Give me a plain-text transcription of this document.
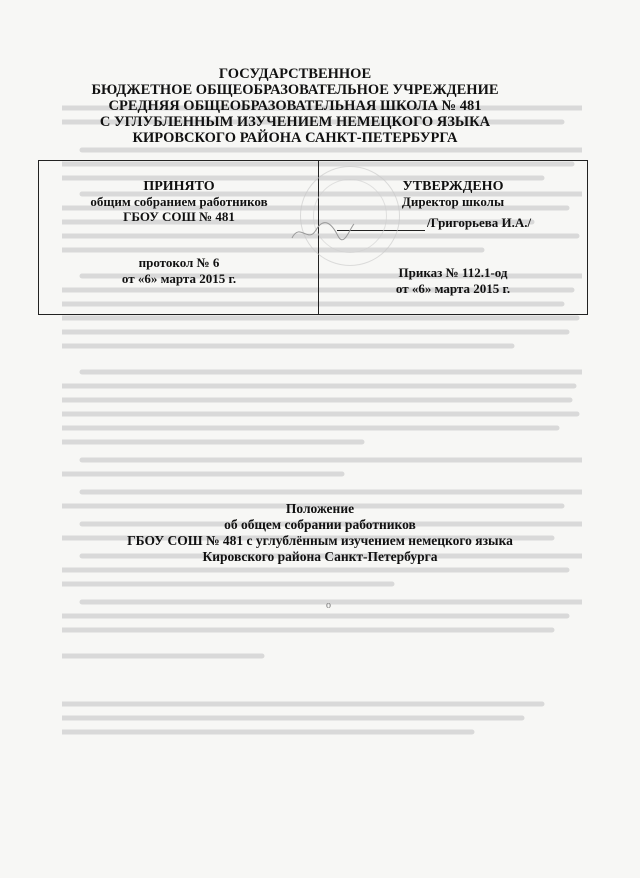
ГОСУДАРСТВЕННОЕ
БЮДЖЕТНОЕ ОБЩЕОБРАЗОВАТЕЛЬНОЕ УЧРЕЖДЕНИЕ
СРЕДНЯЯ ОБЩЕОБРАЗОВАТЕЛЬНАЯ ШКОЛА № 481
С УГЛУБЛЕННЫМ ИЗУЧЕНИЕМ НЕМЕЦКОГО ЯЗЫКА
КИРОВСКОГО РАЙОНА САНКТ-ПЕТЕРБУРГА
ПРИНЯТО
общим собранием работников
ГБОУ СОШ № 481
протокол № 6
от «6» марта 2015 г.
УТВЕРЖДЕНО
Директор школы
/Григорьева И.А./
Приказ № 112.1-од
от «6» марта 2015 г.
Положение
об общем собрании работников
ГБОУ СОШ № 481 с углублённым изучением немецкого языка
Кировского района Санкт-Петербурга
о
